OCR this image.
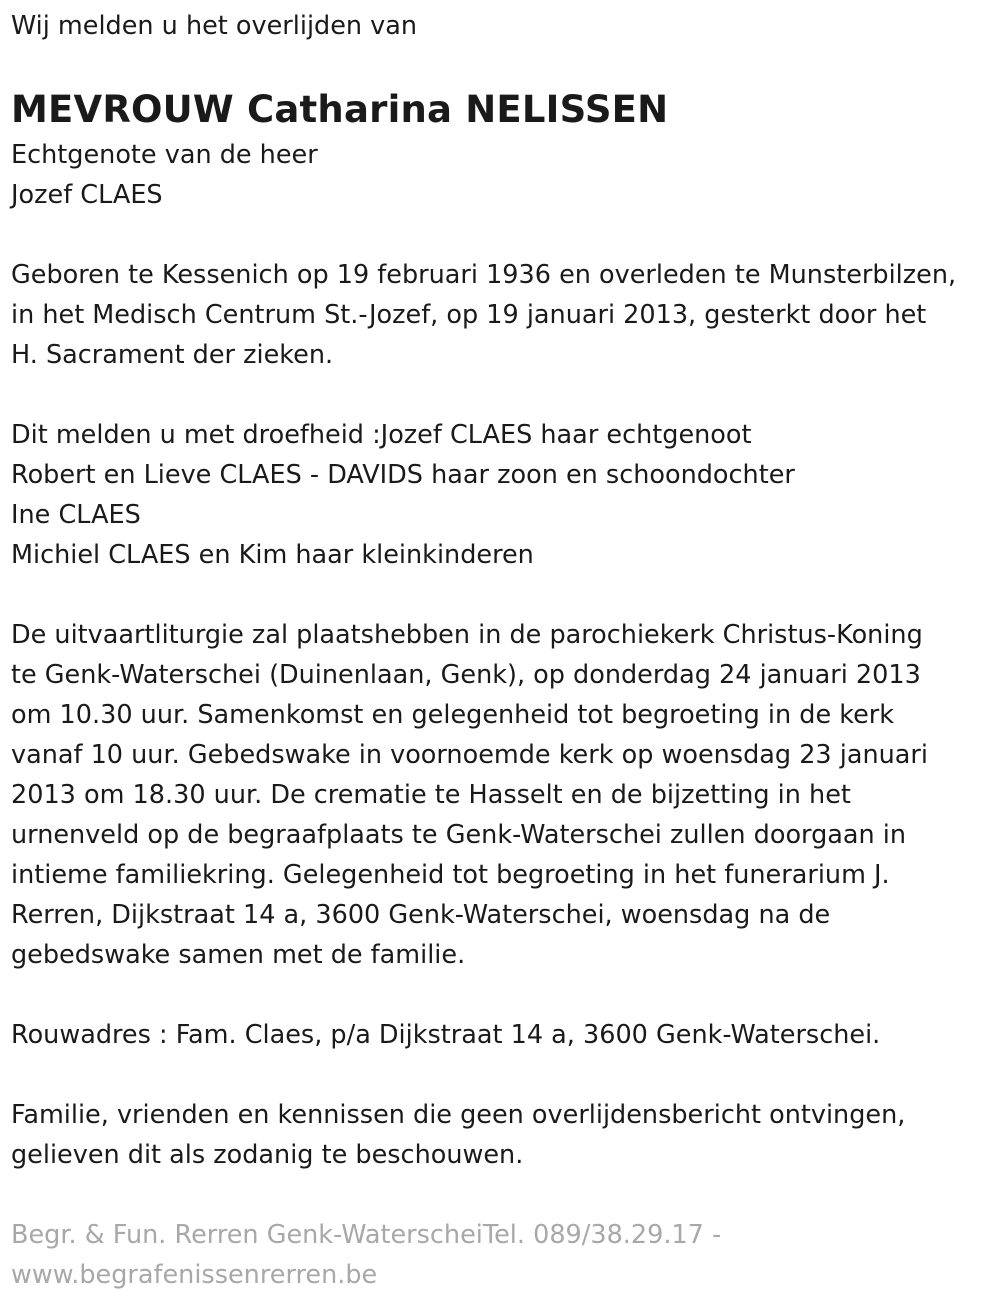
Wij melden u het overlijden van

MEVROUW Catharina NELISSEN

Echtgenote van de heer

Jozef CLAES

Geboren te Kessenich op 19 februari 1936 en overleden te Munsterbilzen,

in het Medisch Centrum St.-Jozef, op 19 januari 2013, gesterkt door het

H. Sacrament der zieken.

Dit melden u met droefheid :Jozef CLAES haar echtgenoot

Robert en Lieve CLAES - DAVIDS haar zoon en schoondochter

Ine CLAES

Michiel CLAES en Kim haar kleinkinderen

De uitvaartliturgie zal plaatshebben in de parochiekerk Christus-Koning

te Genk-Waterschei (Duinenlaan, Genk), op donderdag 24 januari 2013

om 10.30 uur. Samenkomst en gelegenheid tot begroeting in de kerk

vanaf 10 uur. Gebedswake in voornoemde kerk op woensdag 23 januari

2013 om 18.30 uur. De crematie te Hasselt en de bijzetting in het

urnenveld op de begraafplaats te Genk-Waterschei zullen doorgaan in

intieme familiekring. Gelegenheid tot begroeting in het funerarium J.

Rerren, Dijkstraat 14 a, 3600 Genk-Waterschei, woensdag na de

gebedswake samen met de familie.

Rouwadres : Fam. Claes, p/a Dijkstraat 14 a, 3600 Genk-Waterschei.

Familie, vrienden en kennissen die geen overlijdensbericht ontvingen,

gelieven dit als zodanig te beschouwen.

Begr. & Fun. Rerren Genk-WaterscheiTel. 089/38.29.17 -

www.begrafenissenrerren.be
